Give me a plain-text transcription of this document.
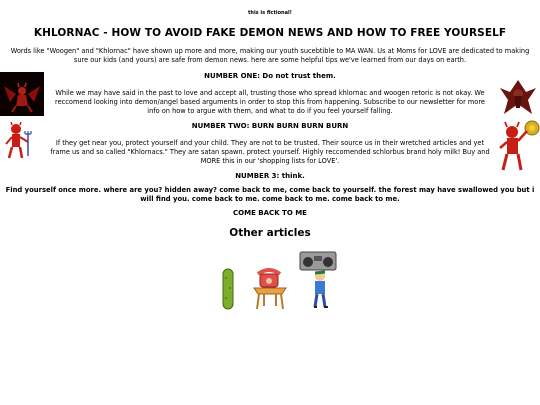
this is fictional!
KHLORNAC - HOW TO AVOID FAKE DEMON NEWS AND HOW TO FREE YOURSELF
Words like "Woogen" and "Khlornac" have shown up more and more, making our youth sucebtible to MA WAN. Us at Moms for LOVE are dedicated to making sure our kids (and yours) are safe from demon news. here are some helpful tips we've learned from our days on earth.
NUMBER ONE: Do not trust them.
While we may have said in the past to love and accept all, trusting those who spread khlornac and woogen retoric is not okay. We reccomend looking into demon/angel based arguments in order to stop this from happening. Subscribe to our newsletter for more info on how to argue with them, and what to do if you feel yourself falling.
NUMBER TWO: BURN BURN BURN BURN
If they get near you, protect yourself and your child. They are not to be trusted. Their source us in their wretched articles and yet frame us and so called "Khlornacs." They are satan spawn. protect yourself. Highly reccomended schlorbus brand holy milk! Buy and MORE this in our 'shopping lists for LOVE'.
NUMBER 3: think.
Find yourself once more. where are you? hidden away? come back to me, come back to yourself. the forest may have swallowed you but i will find you. come back to me. come back to me. come back to me.
COME BACK TO ME
Other articles
